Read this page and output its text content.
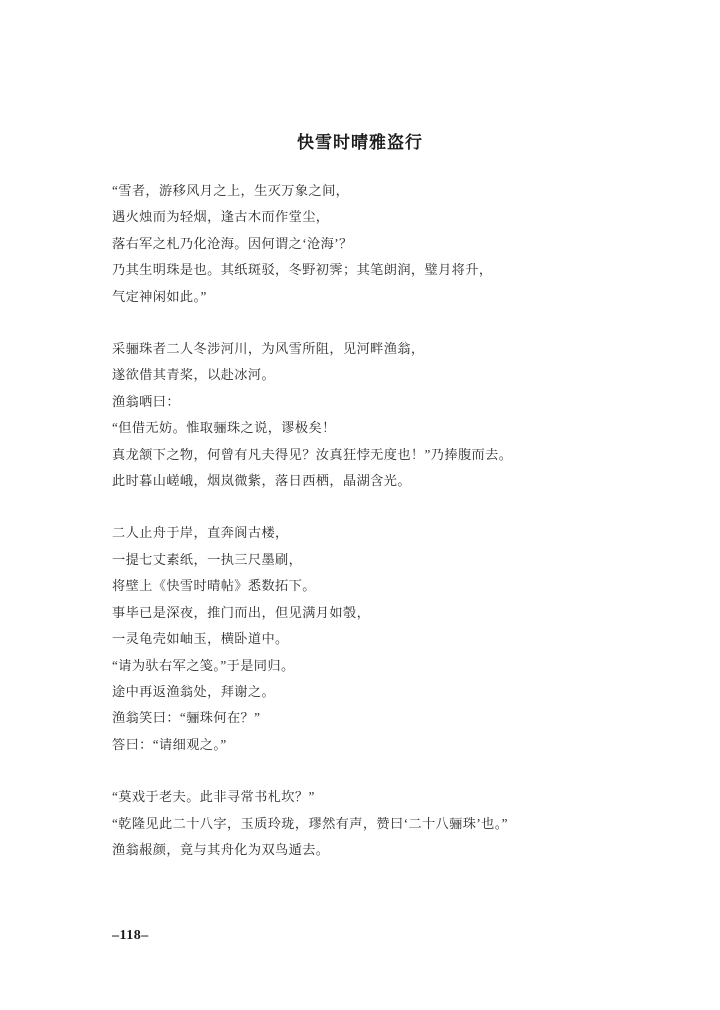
快雪时晴雅盗行
“雪者，游移风月之上，生灭万象之间，
遇火烛而为轻烟，逢古木而作堂尘，
落右军之札乃化沧海。因何谓之‘沧海’？
乃其生明珠是也。其纸斑驳，冬野初霁；其笔朗润，璧月将升，
气定神闲如此。”
采骊珠者二人冬涉河川，为风雪所阻，见河畔渔翁，
遂欲借其青桨，以赴冰河。
渔翁哂曰：
“但借无妨。惟取骊珠之说，谬极矣！
真龙颔下之物，何曾有凡夫得见？汝真狂悖无度也！”乃捧腹而去。
此时暮山嵯峨，烟岚微紫，落日西栖，晶湖含光。
二人止舟于岸，直奔阆古楼，
一提七丈素纸，一执三尺墨刷，
将壁上《快雪时晴帖》悉数拓下。
事毕已是深夜，推门而出，但见满月如彀，
一灵龟壳如岫玉，横卧道中。
“请为驮右军之笺。”于是同归。
途中再返渔翁处，拜谢之。
渔翁笑曰：“骊珠何在？”
答曰：“请细观之。”
“莫戏于老夫。此非寻常书札坎？”
“乾隆见此二十八字，玉质玲珑，璆然有声，赞曰‘二十八骊珠’也。”
渔翁赧颜，竟与其舟化为双鸟遁去。
–118–
